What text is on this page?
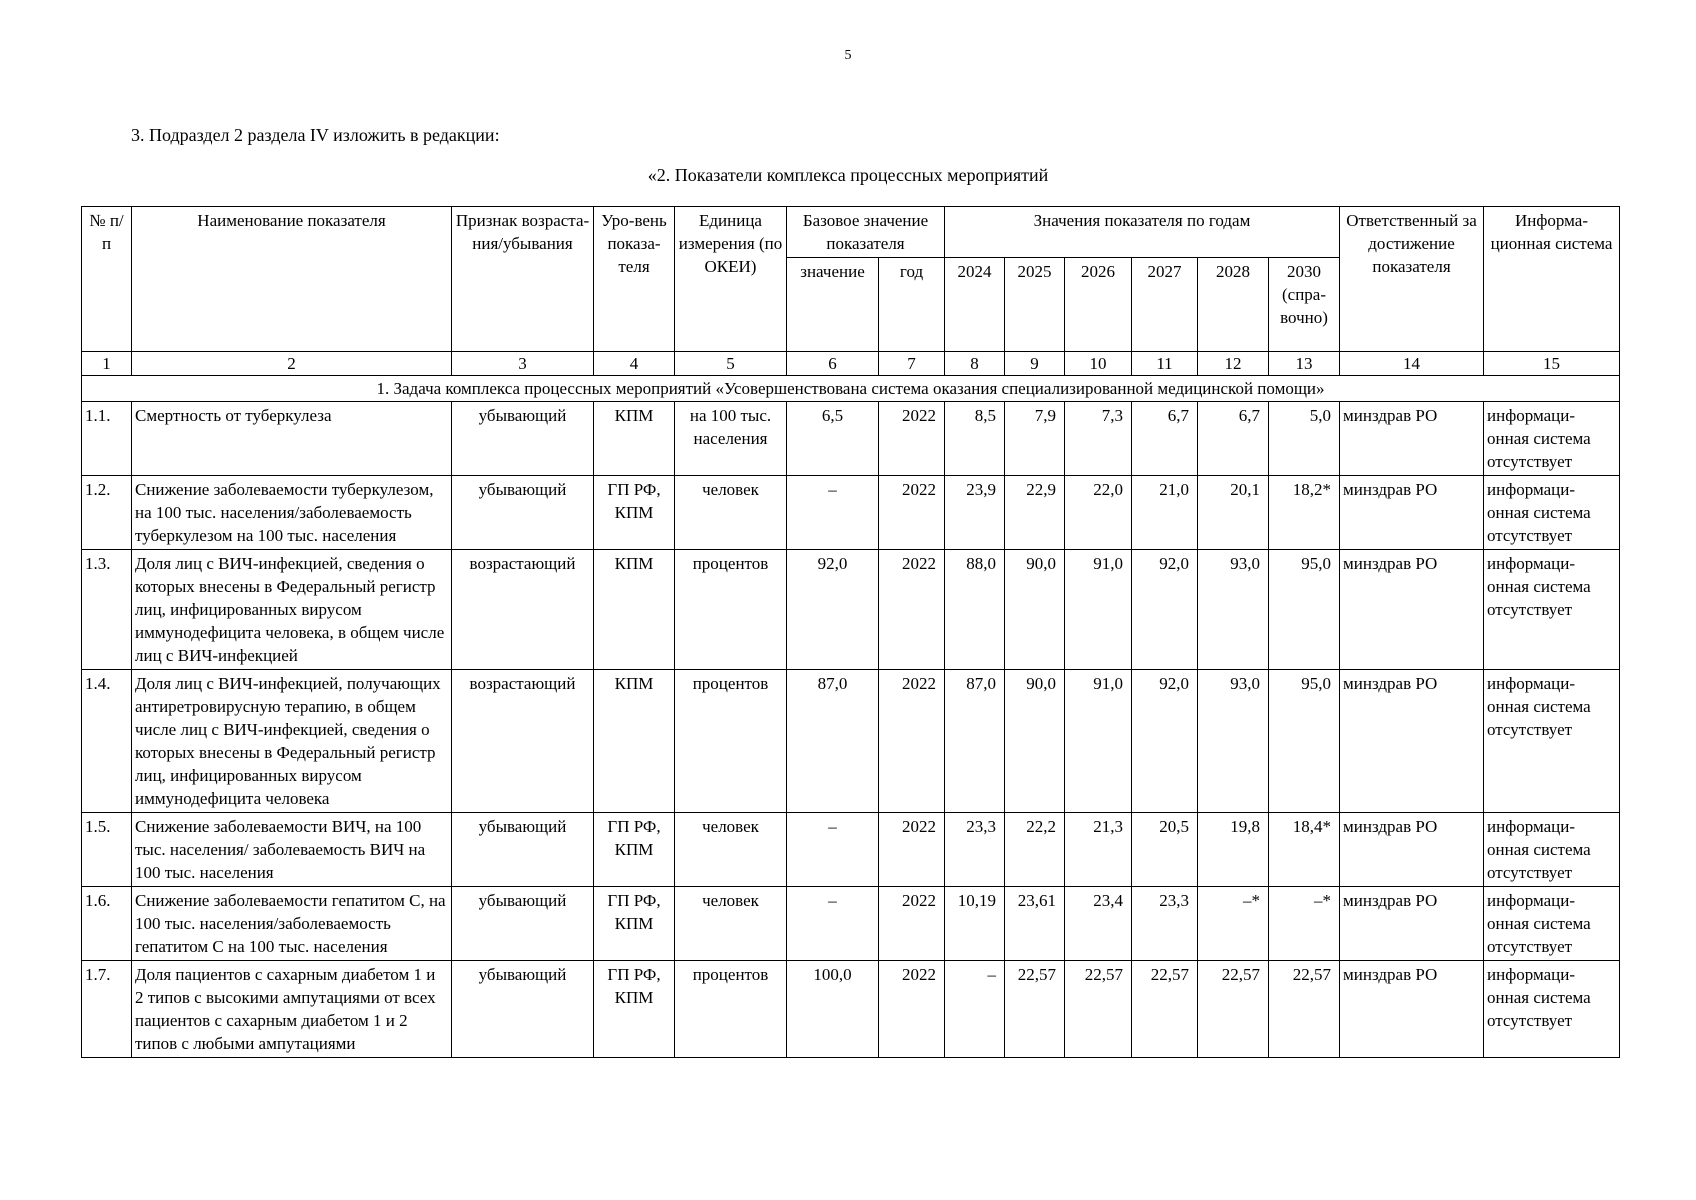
5
3. Подраздел 2 раздела IV изложить в редакции:
«2. Показатели комплекса процессных мероприятий
№ п/п	Наименование показателя	Признак возраста-ния/убывания	Уро-вень показа-теля	Единица измерения (по ОКЕИ)	Базовое значение показателя		Значения показателя по годам						Ответственный за достижение показателя	Информа-ционная система
					значение	год	2024	2025	2026	2027	2028	2030 (спра-вочно)		
1	2	3	4	5	6	7	8	9	10	11	12	13	14	15
1. Задача комплекса процессных мероприятий «Усовершенствована система оказания специализированной медицинской помощи»														
1.1.	Смертность от туберкулеза	убывающий	КПМ	на 100 тыс. населения	6,5	2022	8,5	7,9	7,3	6,7	6,7	5,0	минздрав РО	информаци-онная система отсутствует
1.2.	Снижение заболеваемости туберкулезом, на 100 тыс. населения/заболеваемость туберкулезом на 100 тыс. населения	убывающий	ГП РФ, КПМ	человек	–	2022	23,9	22,9	22,0	21,0	20,1	18,2*	минздрав РО	информаци-онная система отсутствует
1.3.	Доля лиц с ВИЧ-инфекцией, сведения о которых внесены в Федеральный регистр лиц, инфицированных вирусом иммунодефицита человека, в общем числе лиц с ВИЧ-инфекцией	возрастающий	КПМ	процентов	92,0	2022	88,0	90,0	91,0	92,0	93,0	95,0	минздрав РО	информаци-онная система отсутствует
1.4.	Доля лиц с ВИЧ-инфекцией, получающих антиретровирусную терапию, в общем числе лиц с ВИЧ-инфекцией, сведения о которых внесены в Федеральный регистр лиц, инфицированных вирусом иммунодефицита человека	возрастающий	КПМ	процентов	87,0	2022	87,0	90,0	91,0	92,0	93,0	95,0	минздрав РО	информаци-онная система отсутствует
1.5.	Снижение заболеваемости ВИЧ, на 100 тыс. населения/ заболеваемость ВИЧ на 100 тыс. населения	убывающий	ГП РФ, КПМ	человек	–	2022	23,3	22,2	21,3	20,5	19,8	18,4*	минздрав РО	информаци-онная система отсутствует
1.6.	Снижение заболеваемости гепатитом С, на 100 тыс. населения/заболеваемость гепатитом С на 100 тыс. населения	убывающий	ГП РФ, КПМ	человек	–	2022	10,19	23,61	23,4	23,3	–*	–*	минздрав РО	информаци-онная система отсутствует
1.7.	Доля пациентов с сахарным диабетом 1 и 2 типов с высокими ампутациями от всех пациентов с сахарным диабетом 1 и 2 типов с любыми ампутациями	убывающий	ГП РФ, КПМ	процентов	100,0	2022	–	22,57	22,57	22,57	22,57	22,57	минздрав РО	информаци-онная система отсутствует
